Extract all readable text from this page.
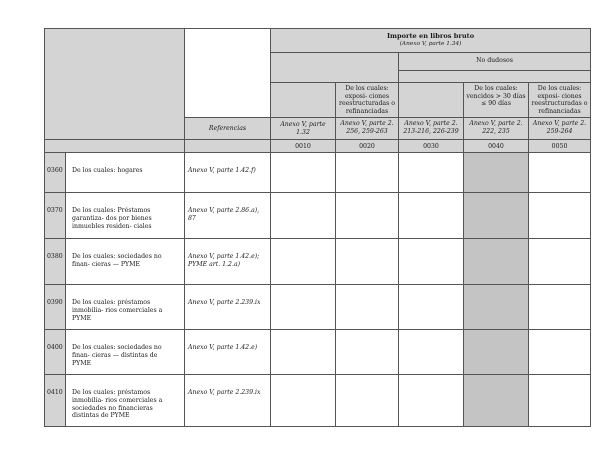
			Importe en libros bruto
(Anexo V, parte 1.34)				

					No dudosos		

				De los cuales: exposi- ciones reestructuradas o refinanciadas		De los cuales: vencidos > 30 días ≤ 90 días	De los cuales: exposi- ciones reestructuradas o refinanciadas
		Referencias	Anexo V, parte 1.32	Anexo V, parte 2. 256, 259-263	Anexo V, parte 2. 213-216, 226-239	Anexo V, parte 2. 222, 235	Anexo V, parte 2. 259-264
			0010	0020	0030	0040	0050
0360	De los cuales: hogares	Anexo V, parte 1.42.f)					
0370	De los cuales: Préstamos garantiza- dos por bienes inmuebles residen- ciales	Anexo V, parte 2.86.a), 87					
0380	De los cuales: sociedades no finan- cieras — PYME	Anexo V, parte 1.42.e); PYME art. 1.2.a)					
0390	De los cuales: préstamos inmobilia- rios comerciales a PYME	Anexo V, parte 2.239.ix					
0400	De los cuales: sociedades no finan- cieras — distintas de PYME	Anexo V, parte 1.42.e)					
0410	De los cuales: préstamos inmobilia- rios comerciales a sociedades no financieras distintas de PYME	Anexo V, parte 2.239.ix					
